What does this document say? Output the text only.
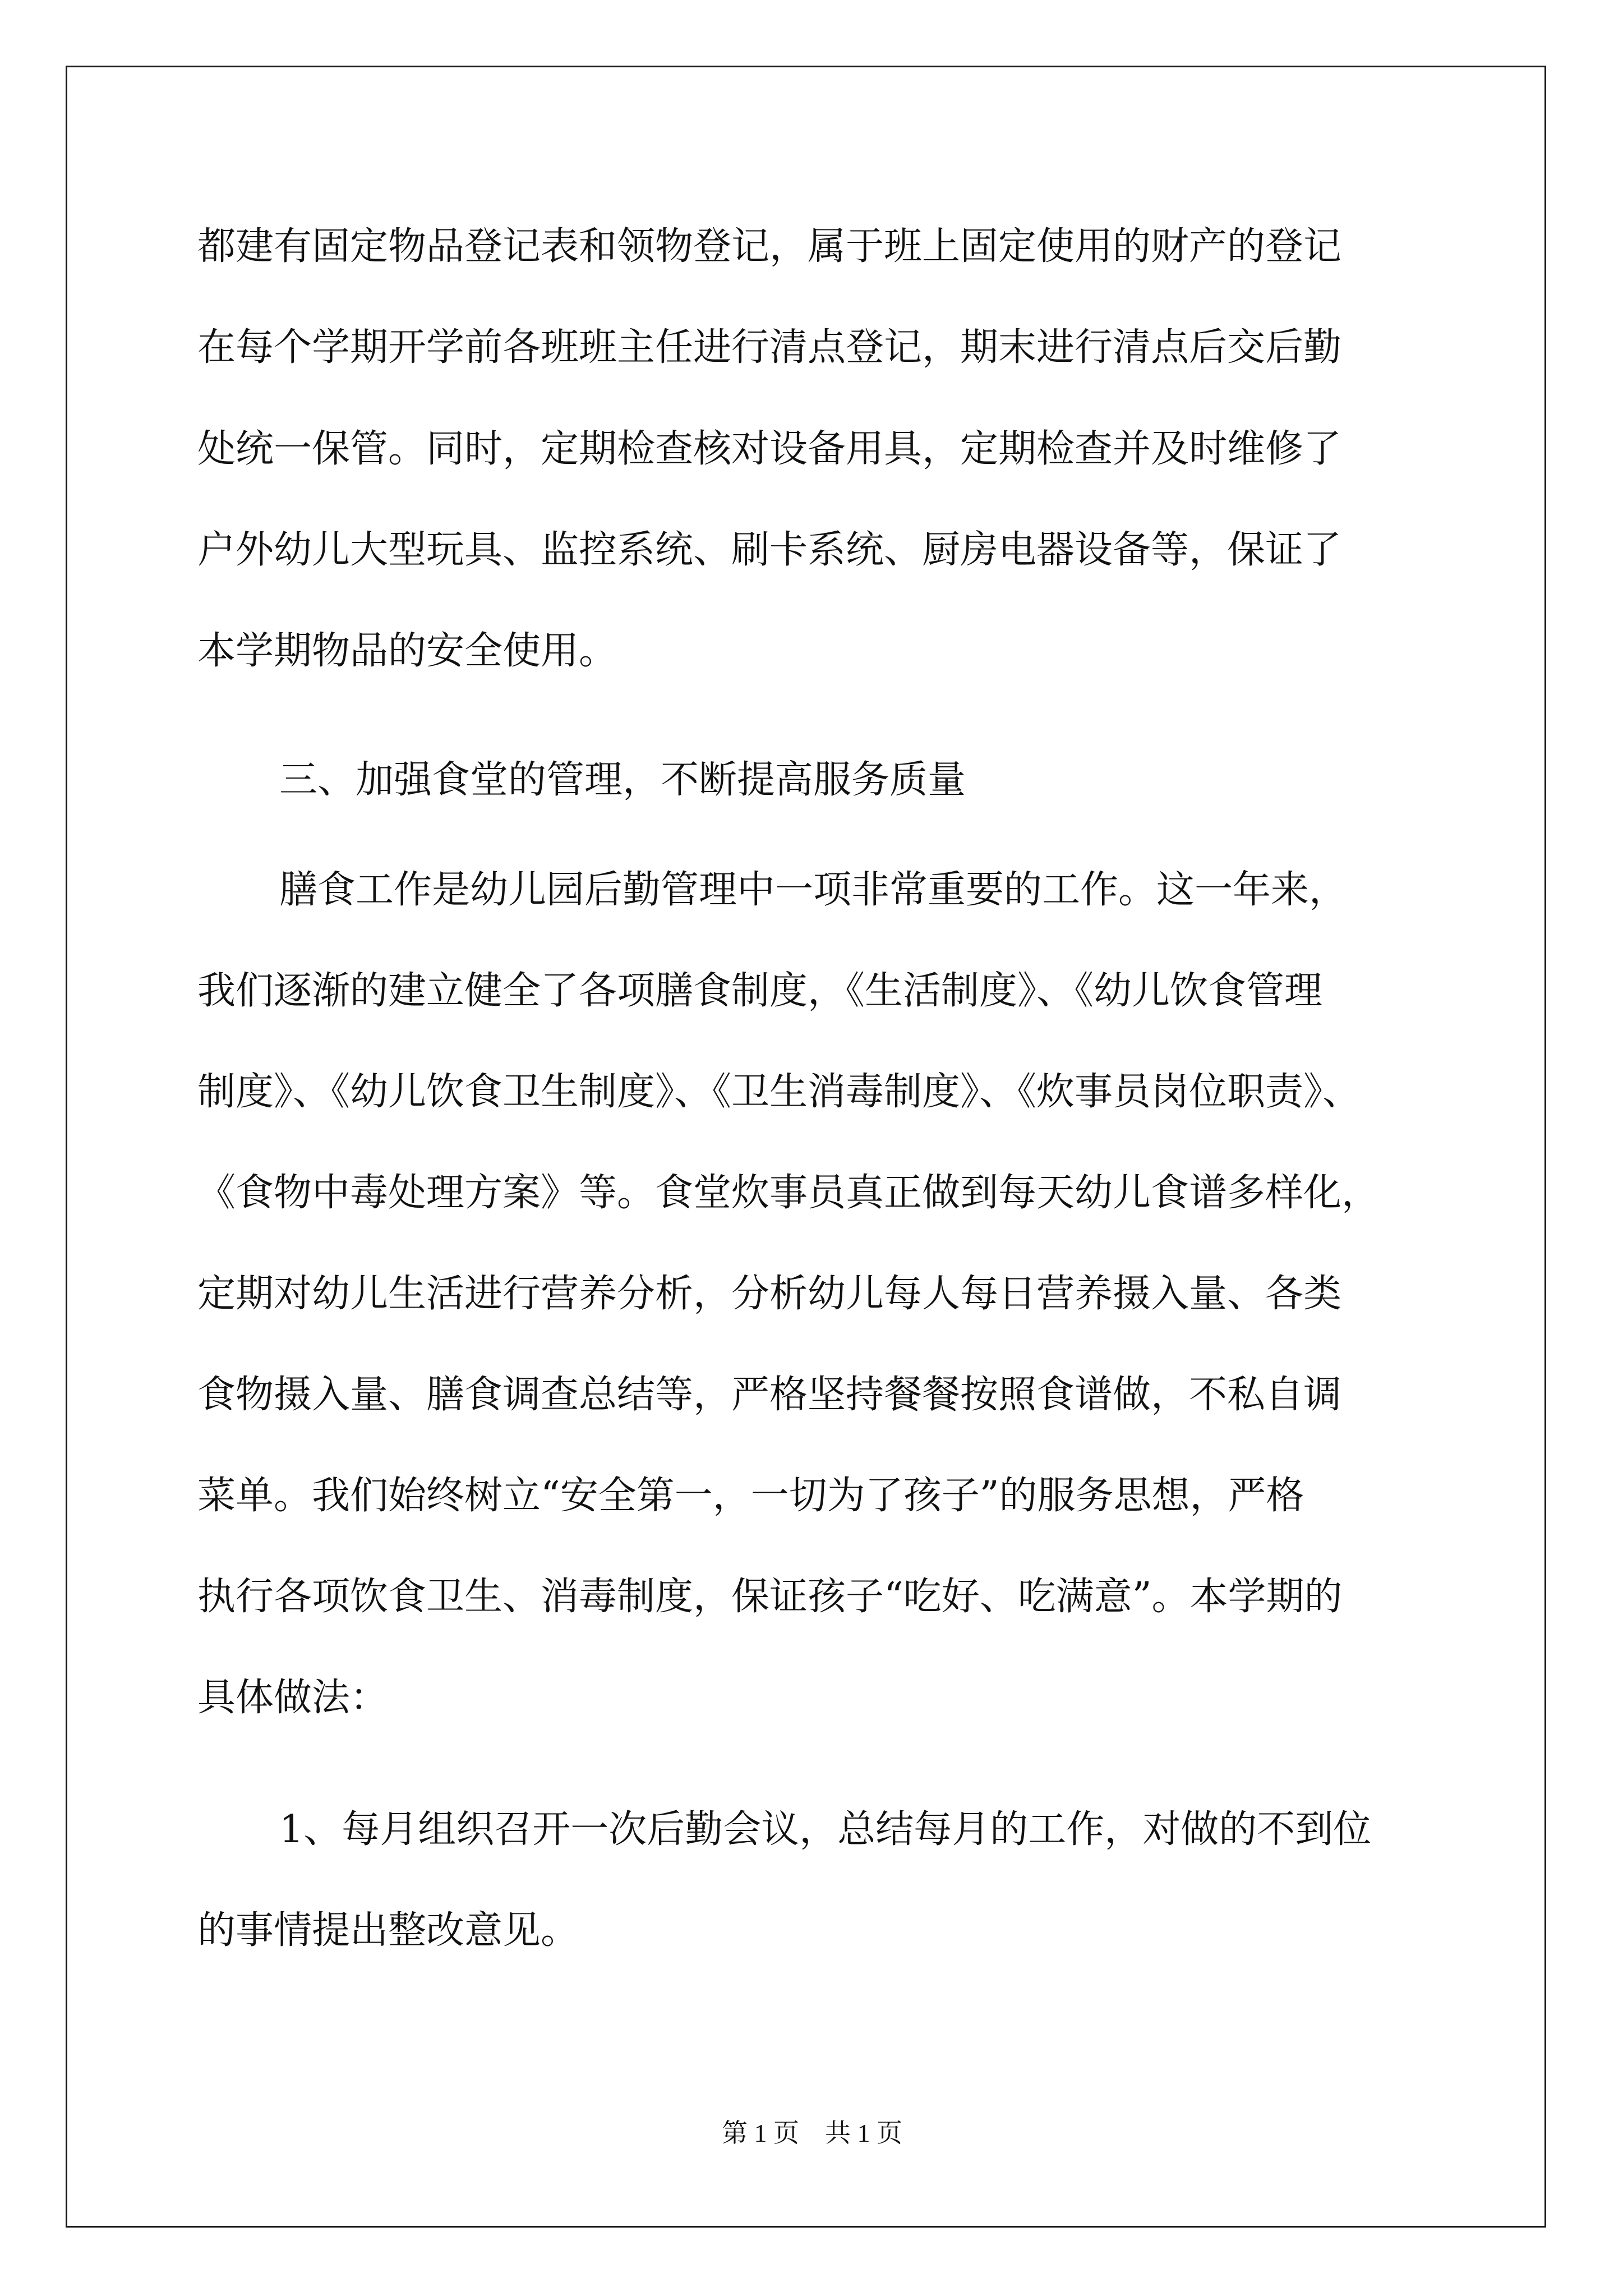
都建有固定物品登记表和领物登记，属于班上固定使用的财产的登记
在每个学期开学前各班班主任进行清点登记，期末进行清点后交后勤
处统一保管。同时，定期检查核对设备用具，定期检查并及时维修了
户外幼儿大型玩具、监控系统、刷卡系统、厨房电器设备等，保证了
本学期物品的安全使用。
三、加强食堂的管理，不断提高服务质量
膳食工作是幼儿园后勤管理中一项非常重要的工作。这一年来，
我们逐渐的建立健全了各项膳食制度，《生活制度》、《幼儿饮食管理
制度》、《幼儿饮食卫生制度》、《卫生消毒制度》、《炊事员岗位职责》、
《食物中毒处理方案》等。食堂炊事员真正做到每天幼儿食谱多样化，
定期对幼儿生活进行营养分析，分析幼儿每人每日营养摄入量、各类
食物摄入量、膳食调查总结等，严格坚持餐餐按照食谱做，不私自调
菜单。我们始终树立“安全第一，一切为了孩子”的服务思想，严格
执行各项饮食卫生、消毒制度，保证孩子“吃好、吃满意”。本学期的
具体做法：
1、每月组织召开一次后勤会议，总结每月的工作，对做的不到位
的事情提出整改意见。
第 1 页    共 1 页
